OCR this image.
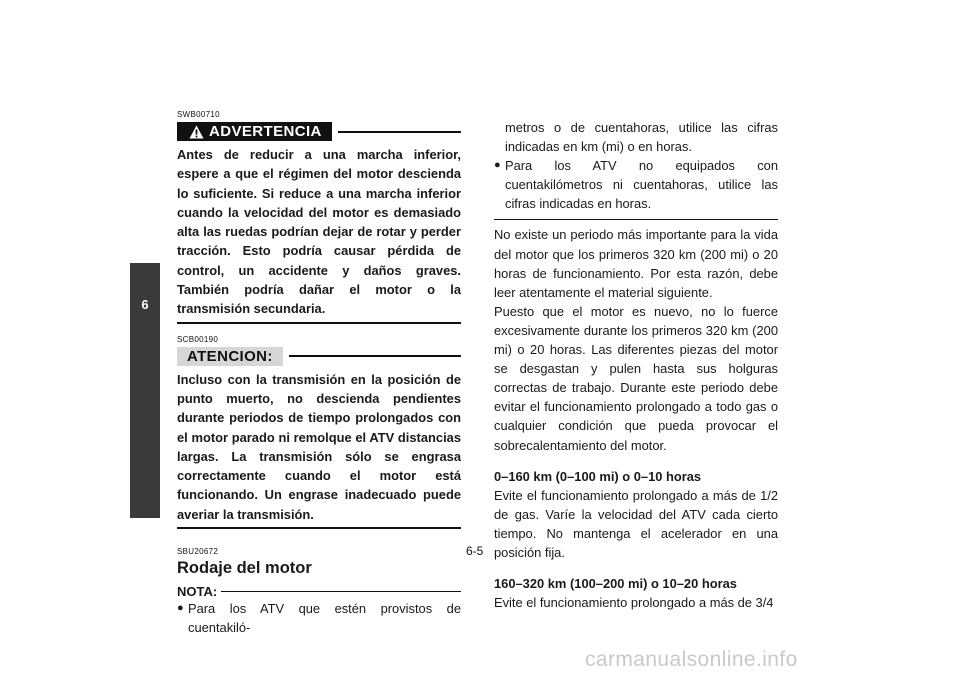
6
SWB00710
ADVERTENCIA

Antes de reducir a una marcha inferior, espere a que el régimen del motor descienda lo suficiente. Si reduce a una marcha inferior cuando la velocidad del motor es demasiado alta las ruedas podrían dejar de rotar y perder tracción. Esto podría causar pérdida de control, un accidente y daños graves. También podría dañar el motor o la transmisión secundaria.

SCB00190
ATENCION:

Incluso con la transmisión en la posición de punto muerto, no descienda pendientes durante periodos de tiempo prolongados con el motor parado ni remolque el ATV distancias largas. La transmisión sólo se engrasa correctamente cuando el motor está funcionando. Un engrase inadecuado puede averiar la transmisión.

SBU20672
Rodaje del motor
NOTA:
● Para los ATV que estén provistos de cuentakiló-
metros o de cuentahoras, utilice las cifras indicadas en km (mi) o en horas.
● Para los ATV no equipados con cuentakilómetros ni cuentahoras, utilice las cifras indicadas en horas.

No existe un periodo más importante para la vida del motor que los primeros 320 km (200 mi) o 20 horas de funcionamiento. Por esta razón, debe leer atentamente el material siguiente.

Puesto que el motor es nuevo, no lo fuerce excesivamente durante los primeros 320 km (200 mi) o 20 horas. Las diferentes piezas del motor se desgastan y pulen hasta sus holguras correctas de trabajo. Durante este periodo debe evitar el funcionamiento prolongado a todo gas o cualquier condición que pueda provocar el sobrecalentamiento del motor.

0–160 km (0–100 mi) o 0–10 horas

Evite el funcionamiento prolongado a más de 1/2 de gas. Varíe la velocidad del ATV cada cierto tiempo. No mantenga el acelerador en una posición fija.

160–320 km (100–200 mi) o 10–20 horas

Evite el funcionamiento prolongado a más de 3/4

6-5
carmanualsonline.info
